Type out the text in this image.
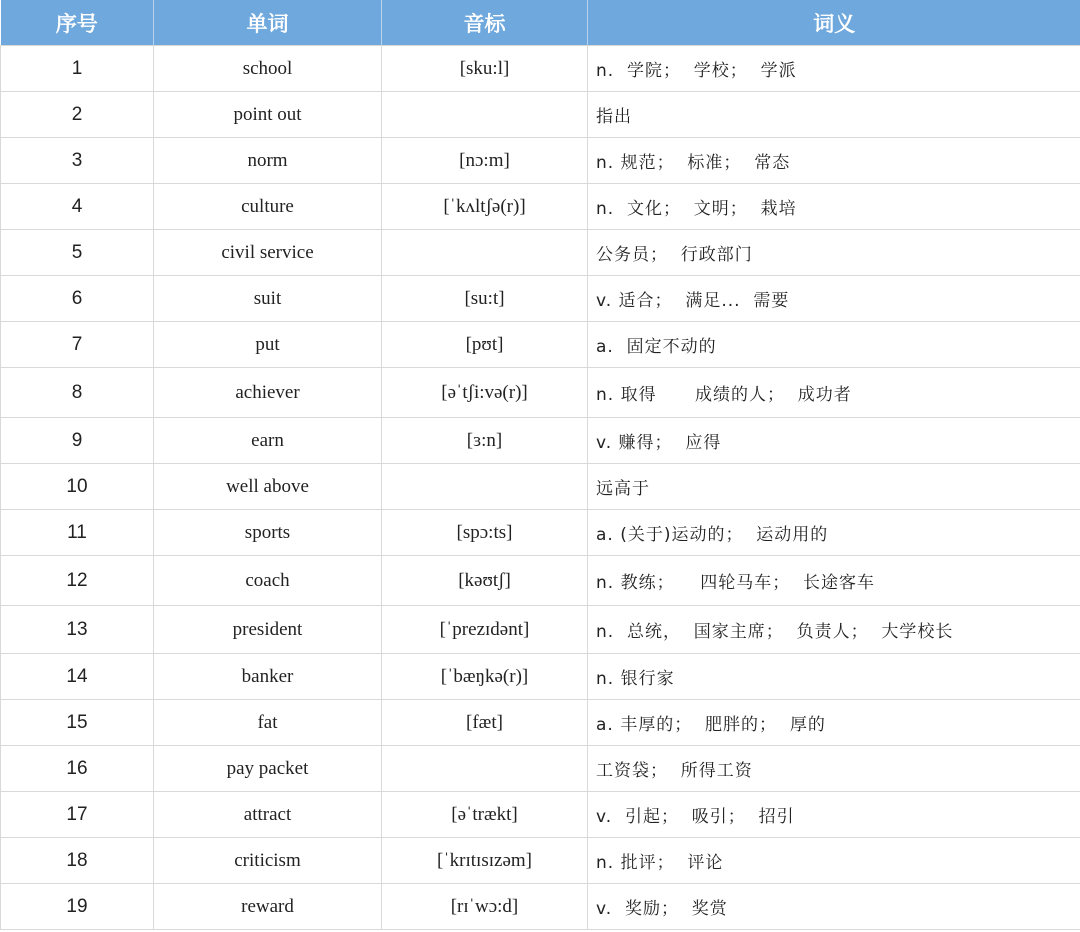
序号	单词	音标	词义
1	school	[sku:l]	n.  学院；  学校；  学派
2	point out		指出
3	norm	[nɔ:m]	n. 规范；  标准；  常态
4	culture	[ˈkʌltʃə(r)]	n.  文化；  文明；  栽培
5	civil service		公务员；  行政部门
6	suit	[su:t]	v. 适合；  满足...  需要
7	put	[pʊt]	a.  固定不动的
8	achiever	[əˈtʃi:və(r)]	n. 取得      成绩的人；  成功者
9	earn	[ɜ:n]	v. 赚得；  应得
10	well above		远高于
11	sports	[spɔ:ts]	a. (关于)运动的；  运动用的
12	coach	[kəʊtʃ]	n. 教练；    四轮马车；  长途客车
13	president	[ˈprezɪdənt]	n.  总统，  国家主席；  负责人；  大学校长
14	banker	[ˈbæŋkə(r)]	n. 银行家
15	fat	[fæt]	a. 丰厚的；  肥胖的；  厚的
16	pay packet		工资袋；  所得工资
17	attract	[əˈtrækt]	v.  引起；  吸引；  招引
18	criticism	[ˈkrɪtɪsɪzəm]	n. 批评；  评论
19	reward	[rɪˈwɔ:d]	v.  奖励；  奖赏
